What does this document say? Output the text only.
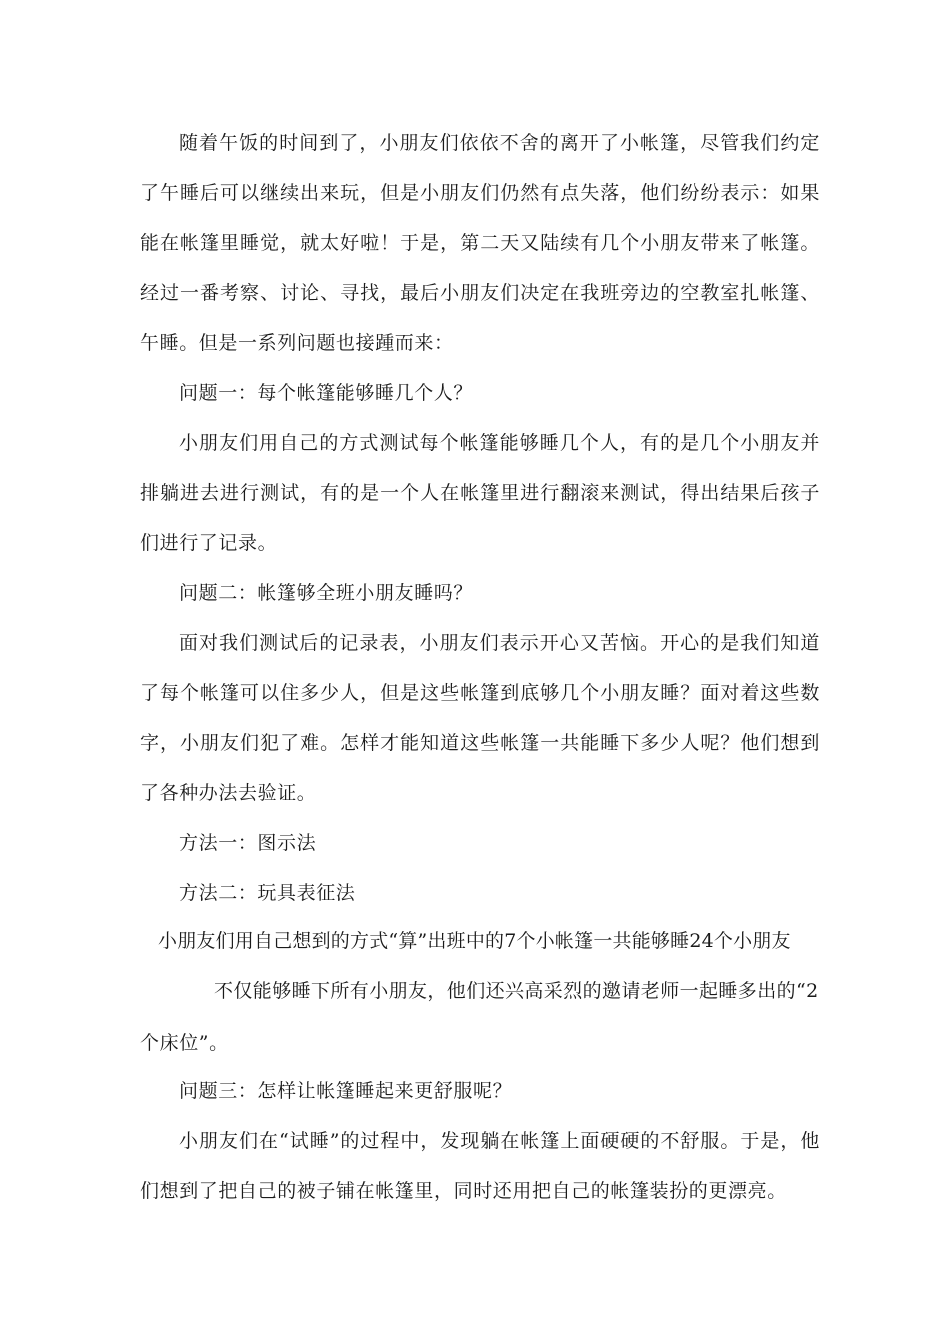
随着午饭的时间到了，小朋友们依依不舍的离开了小帐篷，尽管我们约定了午睡后可以继续出来玩，但是小朋友们仍然有点失落，他们纷纷表示：如果能在帐篷里睡觉，就太好啦！于是，第二天又陆续有几个小朋友带来了帐篷。经过一番考察、讨论、寻找，最后小朋友们决定在我班旁边的空教室扎帐篷、午睡。但是一系列问题也接踵而来：

问题一：每个帐篷能够睡几个人？

小朋友们用自己的方式测试每个帐篷能够睡几个人，有的是几个小朋友并排躺进去进行测试，有的是一个人在帐篷里进行翻滚来测试，得出结果后孩子们进行了记录。

问题二：帐篷够全班小朋友睡吗？

面对我们测试后的记录表，小朋友们表示开心又苦恼。开心的是我们知道了每个帐篷可以住多少人，但是这些帐篷到底够几个小朋友睡？面对着这些数字，小朋友们犯了难。怎样才能知道这些帐篷一共能睡下多少人呢？他们想到了各种办法去验证。

方法一：图示法

方法二：玩具表征法

小朋友们用自己想到的方式“算”出班中的7个小帐篷一共能够睡24个小朋友

不仅能够睡下所有小朋友，他们还兴高采烈的邀请老师一起睡多出的“2

个床位”。

问题三：怎样让帐篷睡起来更舒服呢？

小朋友们在“试睡”的过程中，发现躺在帐篷上面硬硬的不舒服。于是，他们想到了把自己的被子铺在帐篷里，同时还用把自己的帐篷装扮的更漂亮。
